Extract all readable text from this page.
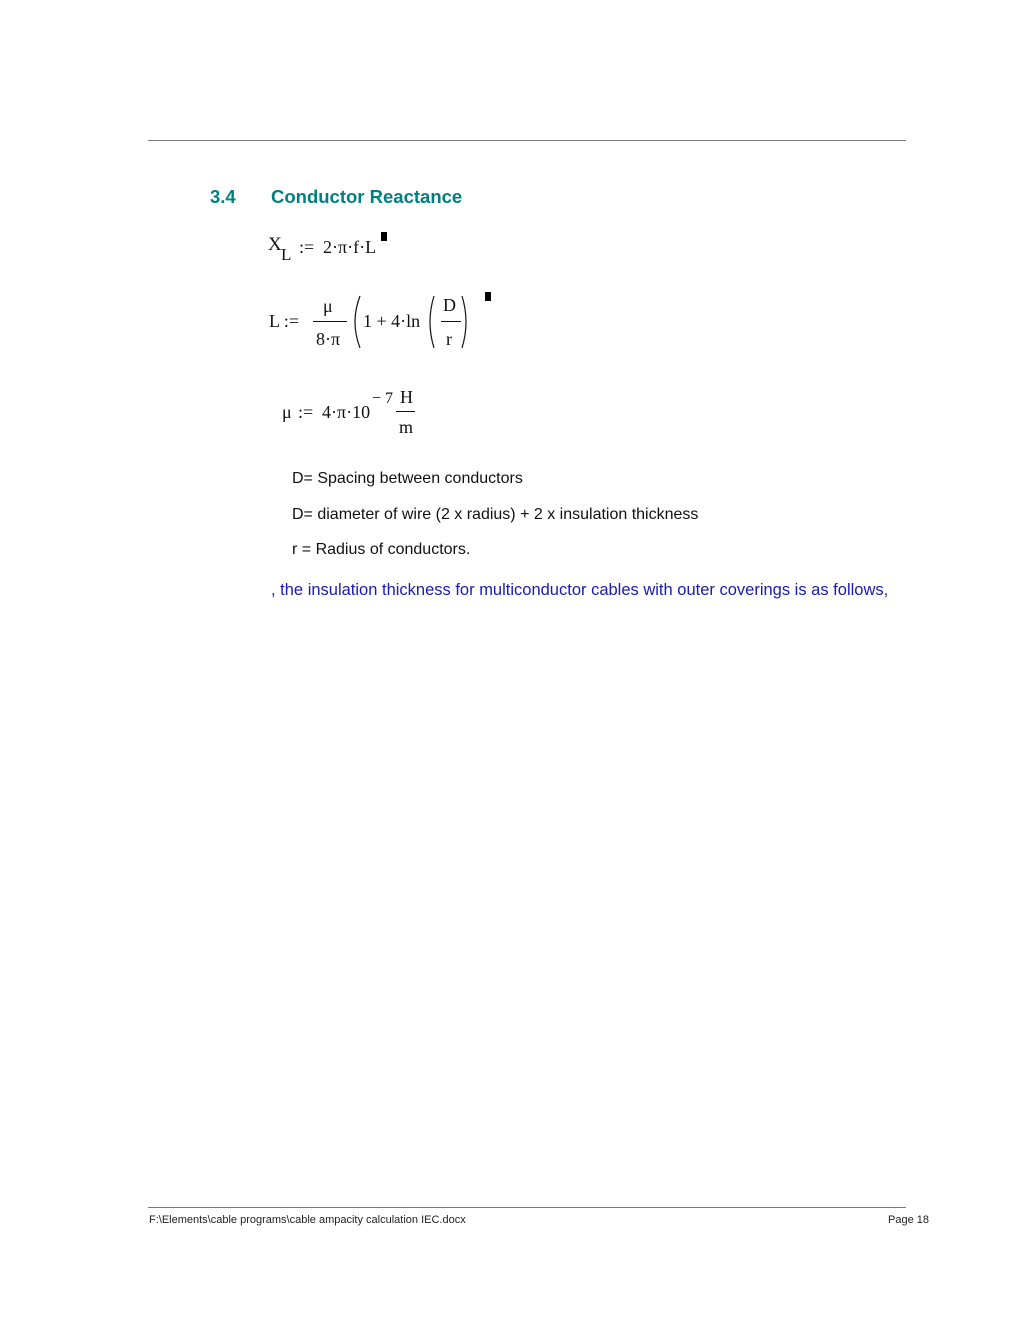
3.4 Conductor Reactance
X L := 2·π·f·L
L :=
μ
8·π
1 + 4·ln
D
r
μ := 4·π·10
− 7 H
m
D= Spacing between conductors
D= diameter of wire (2 x radius) + 2 x insulation thickness
r = Radius of conductors.
, the insulation thickness for multiconductor cables with outer coverings is as follows,
F:\Elements\cable programs\cable ampacity calculation IEC.docx	Page 18
